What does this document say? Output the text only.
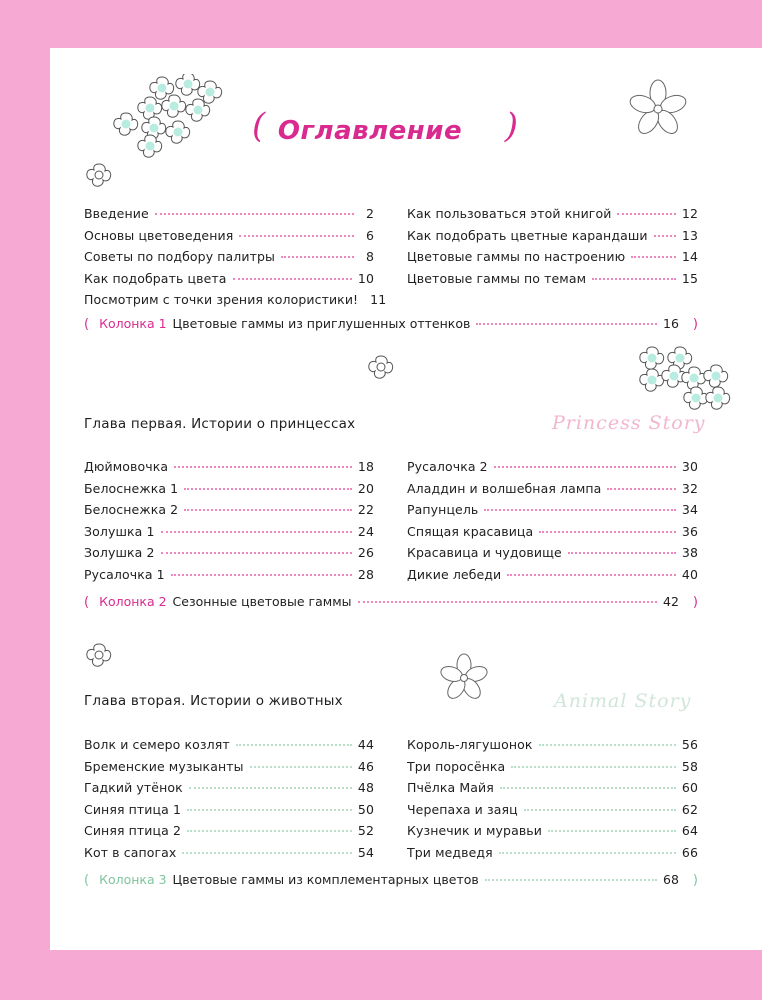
( Оглавление	)
Введение	2
Основы цветоведения	6
Советы по подбору палитры	8
Как подобрать цвета	10
Посмотрим с точки зрения колористики! 11
Как пользоваться этой книгой	12
Как подобрать цветные карандаши	13
Цветовые гаммы по настроению	14
Цветовые гаммы по темам	15
( Колонка 1 Цветовые гаммы из приглушенных оттенков	16 )
Глава первая. Истории о принцессах	Princess Story
Дюймовочка	18
Белоснежка 1	20
Белоснежка 2	22
Золушка 1	24
Золушка 2	26
Русалочка 1	28
Русалочка 2	30
Аладдин и волшебная лампа	32
Рапунцель	34
Спящая красавица	36
Красавица и чудовище	38
Дикие лебеди	40
( Колонка 2 Сезонные цветовые гаммы	42 )
Глава вторая. Истории о животных	Animal Story
Волк и семеро козлят	44
Бременские музыканты	46
Гадкий утёнок	48
Синяя птица 1	50
Синяя птица 2	52
Кот в сапогах	54
Король-лягушонок	56
Три поросёнка	58
Пчёлка Майя	60
Черепаха и заяц	62
Кузнечик и муравьи	64
Три медведя	66
( Колонка 3 Цветовые гаммы из комплементарных цветов	68 )
